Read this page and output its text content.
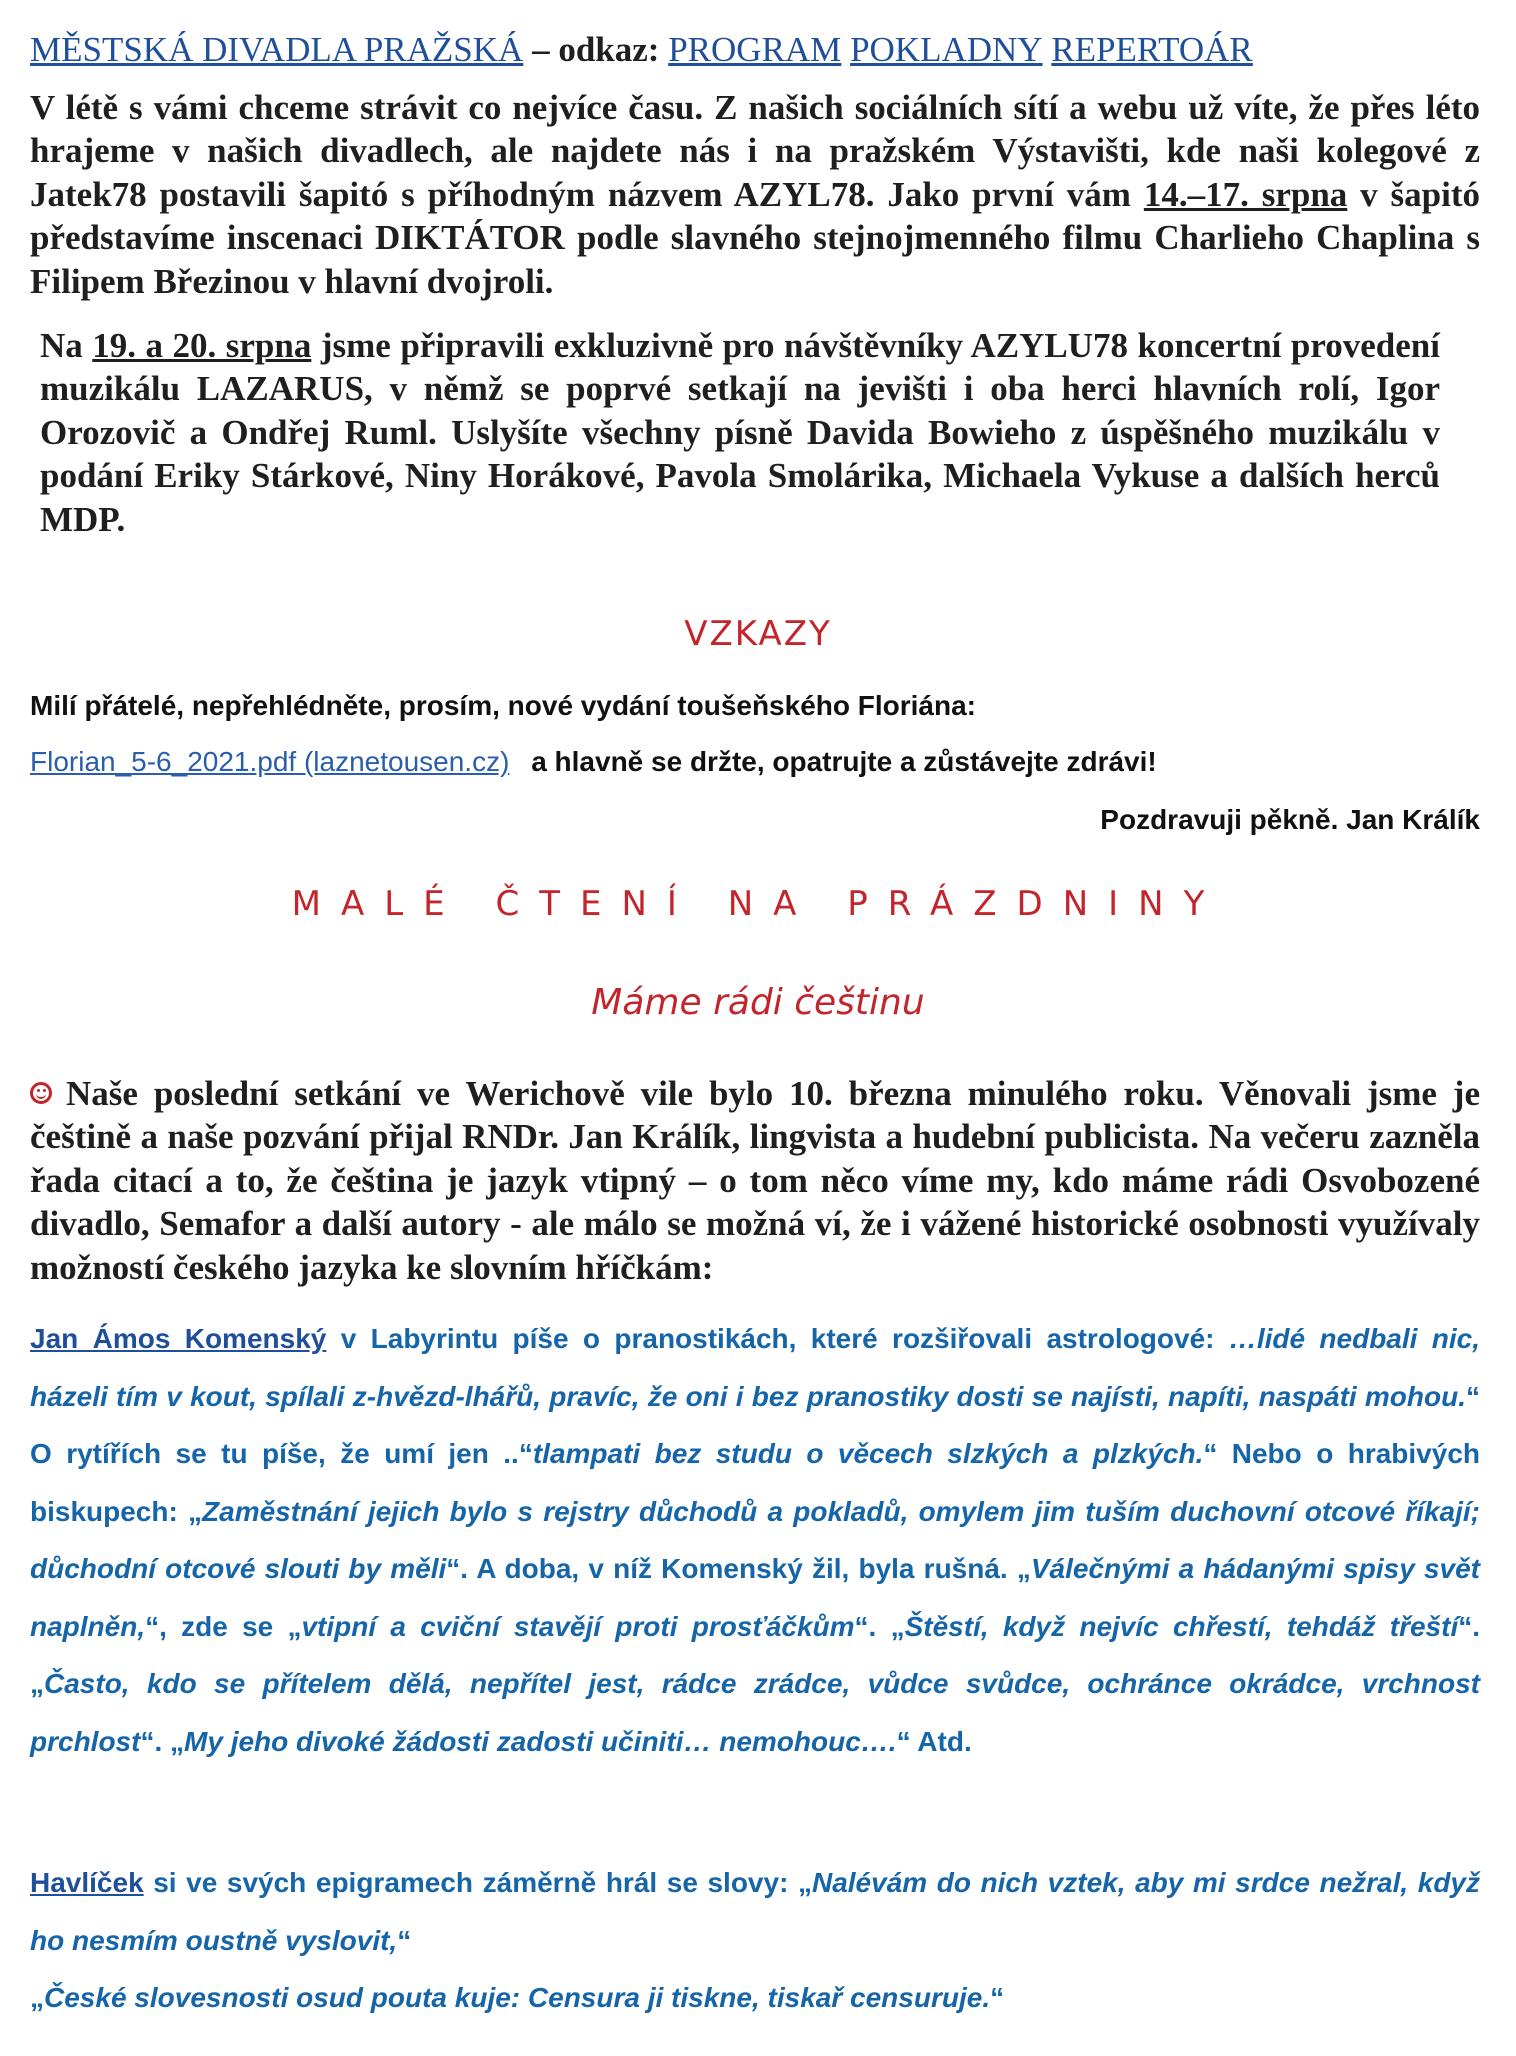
MĚSTSKÁ DIVADLA PRAŽSKÁ – odkaz: PROGRAM POKLADNY REPERTOÁR

V létě s vámi chceme strávit co nejvíce času. Z našich sociálních sítí a webu už víte, že přes léto hrajeme v našich divadlech, ale najdete nás i na pražském Výstavišti, kde naši kolegové z Jatek78 postavili šapitó s příhodným názvem AZYL78. Jako první vám 14.–17. srpna v šapitó představíme inscenaci DIKTÁTOR podle slavného stejnojmenného filmu Charlieho Chaplina s Filipem Březinou v hlavní dvojroli.

Na 19. a 20. srpna jsme připravili exkluzivně pro návštěvníky AZYLU78 koncertní provedení muzikálu LAZARUS, v němž se poprvé setkají na jevišti i oba herci hlavních rolí, Igor Orozovič a Ondřej Ruml. Uslyšíte všechny písně Davida Bowieho z úspěšného muzikálu v podání Eriky Stárkové, Niny Horákové, Pavola Smolárika, Michaela Vykuse a dalších herců MDP.

VZKAZY
Milí přátelé, nepřehlédněte, prosím, nové vydání toušeňského Floriána:
Florian_5-6_2021.pdf (laznetousen.cz) a hlavně se držte, opatrujte a zůstávejte zdrávi!
Pozdravuji pěkně. Jan Králík
MALÉ ČTENÍ NA PRÁZDNINY
Máme rádi češtinu

Naše poslední setkání ve Werichově vile bylo 10. března minulého roku. Věnovali jsme je češtině a naše pozvání přijal RNDr. Jan Králík, lingvista a hudební publicista. Na večeru zazněla řada citací a to, že čeština je jazyk vtipný – o tom něco víme my, kdo máme rádi Osvobozené divadlo, Semafor a další autory - ale málo se možná ví, že i vážené historické osobnosti využívaly možností českého jazyka ke slovním hříčkám:

Jan Ámos Komenský v Labyrintu píše o pranostikách, které rozšiřovali astrologové: …lidé nedbali nic, házeli tím v kout, spílali z-hvězd-lhářů, pravíc, že oni i bez pranostiky dosti se najísti, napíti, naspáti mohou.“ O rytířích se tu píše, že umí jen ..“tlampati bez studu o věcech slzkých a plzkých.“ Nebo o hrabivých biskupech: „Zaměstnání jejich bylo s rejstry důchodů a pokladů, omylem jim tuším duchovní otcové říkají; důchodní otcové slouti by měli“. A doba, v níž Komenský žil, byla rušná. „Válečnými a hádanými spisy svět naplněn,“, zde se „vtipní a cviční stavějí proti prosťáčkům“. „Štěstí, když nejvíc chřestí, tehdáž třeští“. „Často, kdo se přítelem dělá, nepřítel jest, rádce zrádce, vůdce svůdce, ochránce okrádce, vrchnost prchlost“. „My jeho divoké žádosti zadosti učiniti… nemohouc….“ Atd.

Havlíček si ve svých epigramech záměrně hrál se slovy: „Nalévám do nich vztek, aby mi srdce nežral, když ho nesmím oustně vyslovit,“
„České slovesnosti osud pouta kuje: Censura ji tiskne, tiskař censuruje.“
